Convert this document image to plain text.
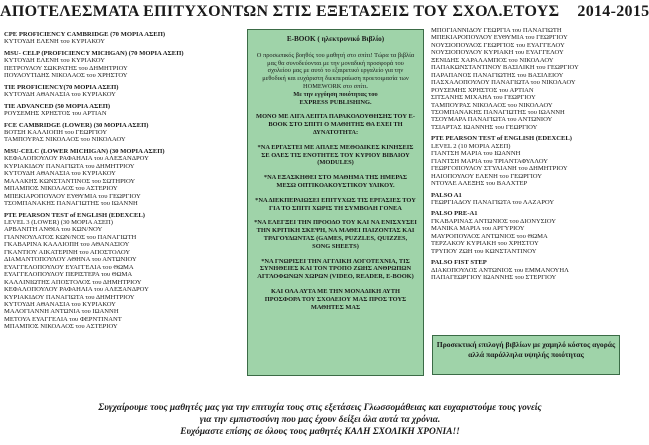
ΑΠΟΤΕΛΕΣΜΑΤΑ ΕΠΙΤΥΧΟΝΤΩΝ ΣΤΙΣ ΕΞΕΤΑΣΕΙΣ ΤΟΥ ΣΧΟΛ.ΕΤΟΥΣ 2014-2015
CPE PROFICIENCY CAMBRIDGE (70 ΜΟΡΙΑ ΑΣΕΠ)
ΚΥΤΟΥΔΗ ΕΛΕΝΗ του ΚΥΡΙΑΚΟΥ
MSU- CELP (PROFICIENCY MICHGAN) (70 ΜΟΡΙΑ ΑΣΕΠ)
ΚΥΤΟΥΔΗ ΕΛΕΝΗ του ΚΥΡΙΑΚΟΥ
ΠΕΤΡΟΥΛΟΥ ΣΩΚΡΑΤΗΣ του ΔΗΜΗΤΡΙΟΥ
ΠΟΥΛΟΥΤΙΔΗΣ ΝΙΚΟΛΑΟΣ του ΧΡΗΣΤΟΥ
TIE PROFICIENCY(70 ΜΟΡΙΑ ΑΣΕΠ)
ΚΥΤΟΥΔΗ ΑΘΑΝΑΣΙΑ του ΚΥΡΙΑΚΟΥ
TIE ADVANCED (50 ΜΟΡΙΑ ΑΣΕΠ)
ΡΟΥΣΕΜΗΣ ΧΡΗΣΤΟΣ του ΑΡΤΙΑΝ
FCE CAMBRIDGE (LOWER) (30 ΜΟΡΙΑ ΑΣΕΠ)
ΒΟΤΣΗ ΚΑΛΛΙΟΠΗ του ΓΕΩΡΓΙΟΥ
ΤΑΜΠΟΥΡΑΣ ΝΙΚΟΛΑΟΣ του ΝΙΚΟΛΑΟΥ
MSU-CELC (LOWER MICHIGAN) (30 ΜΟΡΙΑ ΑΣΕΠ)
ΚΕΦΑΛΟΠΟΥΛΟΥ ΡΑΦΑΗΛΙΑ του ΑΛΕΞΑΝΔΡΟΥ
ΚΥΡΙΑΚΙΔΟΥ ΠΑΝΑΓΙΩΤΑ του ΔΗΜΗΤΡΙΟΥ
ΚΥΤΟΥΔΗ ΑΘΑΝΑΣΙΑ του ΚΥΡΙΑΚΟΥ
ΜΑΛΑΚΗΣ ΚΩΝΣΤΑΝΤΙΝΟΣ του ΣΩΤΗΡΙΟΥ
ΜΠΑΜΠΟΣ ΝΙΚΟΛΑΟΣ του ΑΣΤΕΡΙΟΥ
ΜΠΕΚΙΑΡΟΠΟΥΛΟΥ ΕΥΘΥΜΙΑ του ΓΕΩΡΓΙΟΥ
ΤΣΟΜΠΑΝΑΚΗΣ ΠΑΝΑΓΙΩΤΗΣ του ΙΩΑΝΝΗ
PTE PEARSON TEST of ENGLISH (EDEXCEL)
LEVEL 3 (LOWER) (30 ΜΟΡΙΑ ΑΣΕΠ)
ΑΡΒΑΝΙΤΗ ΑΝΘΙΑ του ΚΩΝ/ΝΟΥ
ΓΙΑΝΝΟΥΛΑΤΟΣ ΚΩΝ/ΝΟΣ του ΠΑΝΑΓΙΩΤΗ
ΓΚΑΒΑΡΙΝΑ ΚΑΛΛΙΟΠΗ του ΑΘΑΝΑΣΙΟΥ
ΓΚΑΝΤΙΟΥ ΑΙΚΑΤΕΡΙΝΗ του ΑΠΟΣΤΟΛΟΥ
ΔΙΑΜΑΝΤΟΠΟΥΛΟΥ ΑΘΗΝΑ του ΑΝΤΩΝΙΟΥ
ΕΥΑΓΓΕΛΟΠΟΥΛΟΥ ΕΥΑΓΓΕΛΙΑ του ΘΩΜΑ
ΕΥΑΓΓΕΛΟΠΟΥΛΟΥ ΠΕΡΙΣΤΕΡΑ του ΘΩΜΑ
ΚΑΛΛΙΝΙΩΤΗΣ ΑΠΟΣΤΟΛΟΣ του ΔΗΜΗΤΡΙΟΥ
ΚΕΦΑΛΟΠΟΥΛΟΥ ΡΑΦΑΗΛΙΑ του ΑΛΕΞΑΝΔΡΟΥ
ΚΥΡΙΑΚΙΔΟΥ ΠΑΝΑΓΙΩΤΑ του ΔΗΜΗΤΡΙΟΥ
ΚΥΤΟΥΔΗ ΑΘΑΝΑΣΙΑ του ΚΥΡΙΑΚΟΥ
ΜΑΛΟΓΙΑΝΝΗ ΑΝΤΩΝΙΑ του ΙΩΑΝΝΗ
ΜΕΤΟΥΑ ΕΥΑΓΓΕΛΙΑ του ΦΕΡΝΤΙΝΑΝΤ
ΜΠΑΜΠΟΣ ΝΙΚΟΛΑΟΣ του ΑΣΤΕΡΙΟΥ
E-BOOK ( ηλεκτρονικό Βιβλίο)
Ο προσωπικός βοηθός του μαθητή στο σπίτι! Τώρα τα βιβλία μας θα συνοδεύονται με την μοναδική προσφορά του σχολείου μας με αυτό το εξαιρετικό εργαλείο για την μεθοδική και ευχάριστη διεκπεραίωση προετοιμασία των HOMEWORK στο σπίτι.
Με την εγγύηση ποιότητας του
EXPRESS PUBLISHING.

ΜΟΝΟ ΜΕ ΛΙΓΑ ΛΕΠΤΑ ΠΑΡΑΚΟΛΟΥΘΗΣΗΣ ΤΟΥ E-BOOK ΣΤΟ ΣΠΙΤΙ Ο ΜΑΘΗΤΗΣ ΘΑ ΕΧΕΙ ΤΗ ΔΥΝΑΤΟΤΗΤΑ:

*ΝΑ ΕΡΓΑΣΤΕΙ ΜΕ ΑΠΛΕΣ ΜΕΘΟΔΙΚΕΣ ΚΙΝΗΣΕΙΣ ΣΕ ΟΛΕΣ ΤΙΣ ΕΝΟΤΗΤΕΣ ΤΟΥ ΚΥΡΙΟΥ ΒΙΒΛΙΟΥ (MODULES)

*ΝΑ ΕΞΑΣΚΗΘΕΙ ΣΤΟ ΜΑΘΗΜΑ ΤΗΣ ΗΜΕΡΑΣ ΜΕΣΩ ΟΠΤΙΚΟΑΚΟΥΣΤΙΚΟΥ ΥΛΙΚΟΥ.

*ΝΑ ΔΙΕΚΠΕΡΑΙΩΣΕΙ ΕΠΙΤΥΧΩΣ ΤΙΣ ΕΡΓΑΣΙΕΣ ΤΟΥ ΓΙΑ ΤΟ ΣΠΙΤΙ ΧΩΡΙΣ ΤΗ ΣΥΜΒΟΛΗ ΓΟΝΕΑ

*ΝΑ ΕΛΕΓΞΕΙ ΤΗΝ ΠΡΟΟΔΟ ΤΟΥ ΚΑΙ ΝΑ ΕΝΙΣΧΥΣΕΙ ΤΗΝ ΚΡΙΤΙΚΗ ΣΚΕΨΗ, ΝΑ ΜΑΘΕΙ ΠΑΙΖΟΝΤΑΣ ΚΑΙ ΤΡΑΓΟΥΔΩΝΤΑΣ (GAMES, PUZZLES, QUIZZES, SONG SHEETS)

*ΝΑ ΓΝΩΡΙΣΕΙ ΤΗΝ ΑΓΓΛΙΚΗ ΛΟΓΟΤΕΧΝΙΑ, ΤΙΣ ΣΥΝΗΘΕΙΕΣ ΚΑΙ ΤΟΝ ΤΡΟΠΟ ΖΩΗΣ ΑΝΘΡΩΠΩΝ ΑΓΓΛΟΦΩΝΩΝ ΧΩΡΩΝ (VIDEO, READER, E-BOOK)

ΚΑΙ ΟΛΑ ΑΥΤΑ ΜΕ ΤΗΝ ΜΟΝΑΔΙΚΗ ΑΥΤΗ ΠΡΟΣΦΟΡΑ ΤΟΥ ΣΧΟΛΕΙΟΥ ΜΑΣ ΠΡΟΣ ΤΟΥΣ ΜΑΘΗΤΕΣ ΜΑΣ

ΜΠΟΓΙΑΝΝΙΔΟΥ ΓΕΩΡΓΙΑ του ΠΑΝΑΓΙΩΤΗ
ΜΠΕΚΙΑΡΟΠΟΥΛΟΥ ΕΥΘΥΜΙΑ του ΓΕΩΡΓΙΟΥ
ΝΟΥΣΙΟΠΟΥΛΟΣ ΓΕΩΡΓΙΟΣ του ΕΥΑΓΓΕΛΟΥ
ΝΟΥΣΙΟΠΟΥΛΟΥ ΚΥΡΙΑΚΗ του ΕΥΑΓΓΕΛΟΥ
ΞΕΝΙΔΗΣ ΧΑΡΑΛΑΜΠΟΣ του ΝΙΚΟΛΑΟΥ
ΠΑΠΑΚΩΝΣΤΑΝΤΙΝΟΥ ΒΑΣΙΛΙΚΗ του ΓΕΩΡΓΙΟΥ
ΠΑΡΑΠΑΝΟΣ ΠΑΝΑΓΙΩΤΗΣ του ΒΑΣΙΛΕΙΟΥ
ΠΑΣΧΑΛΟΠΟΥΛΟΥ ΠΑΝΑΓΙΩΤΑ του ΝΙΚΟΛΑΟΥ
ΡΟΥΣΕΜΗΣ ΧΡΗΣΤΟΣ του ΑΡΤΙΑΝ
ΣΙΤΣΑΝΗΣ ΜΙΧΑΗΛ του ΓΕΩΡΓΙΟΥ
ΤΑΜΠΟΥΡΑΣ ΝΙΚΟΛΑΟΣ του ΝΙΚΟΛΑΟΥ
ΤΣΟΜΠΑΝΑΚΗΣ ΠΑΝΑΓΙΩΤΗΣ του ΙΩΑΝΝΗ
ΤΣΟΥΜΑΡΑ ΠΑΝΑΓΙΩΤΑ του ΑΝΤΩΝΙΟΥ
ΤΣΙΑΡΤΑΣ ΙΩΑΝΝΗΣ του ΓΕΩΡΓΙΟΥ
PTE PEARSON TEST of ENGLISH (EDEXCEL)
LEVEL 2 (10 ΜΟΡΙΑ ΑΣΕΠ)
ΓΙΑΝΤΣΗ ΜΑΡΙΑ του ΙΩΑΝΝΗ
ΓΙΑΝΤΣΗ ΜΑΡΙΑ του ΤΡΙΑΝΤΑΦΥΛΛΟΥ
ΓΕΩΡΓΟΠΟΥΛΟΥ ΣΤΥΛΙΑΝΗ του ΔΗΜΗΤΡΙΟΥ
ΗΛΙΟΠΟΥΛΟΥ ΕΛΕΝΗ του ΓΕΩΡΓΙΟΥ
ΝΤΟΥΛΕ ΑΛΕΞΗΣ του ΒΑΛΧΤΕΡ
PALSO A1
ΓΕΩΡΓΙΑΔΟΥ ΠΑΝΑΓΙΩΤΑ του ΛΑΖΑΡΟΥ
PALSO PRE-A1
ΓΚΑΒΑΡΙΝΑΣ ΑΝΤΩΝΙΟΣ του ΔΙΟΝΥΣΙΟΥ
ΜΑΝΙΚΑ ΜΑΡΙΑ του ΑΡΓΥΡΙΟΥ
ΜΑΥΡΟΠΟΥΛΟΣ ΑΝΤΩΝΙΟΣ του ΘΩΜΑ
ΤΕΡΖΑΚΟΥ ΚΥΡΙΑΚΗ του ΧΡΗΣΤΟΥ
ΤΡΥΠΟΥ ΖΩΗ του ΚΩΝΣΤΑΝΤΙΝΟΥ
PALSO FIST STEP
ΔΙΑΚΟΠΟΥΛΟΣ ΑΝΤΩΝΙΟΣ του ΕΜΜΑΝΟΥΗΛ
ΠΑΠΑΓΕΩΡΓΙΟΥ ΙΩΑΝΝΗΣ του ΣΤΕΡΓΙΟΥ
Προσεκτική επιλογή βιβλίων με χαμηλό κόστος αγοράς αλλά παράλληλα υψηλής ποιότητας
Συγχαίρουμε τους μαθητές μας για την επιτυχία τους στις εξετάσεις Γλωσσομάθειας και ευχαριστούμε τους γονείς
για την εμπιστοσύνη που μας έχουν δείξει όλα αυτά τα χρόνια.
Ευχόμαστε επίσης σε όλους τους μαθητές ΚΑΛΗ ΣΧΟΛΙΚΗ ΧΡΟΝΙΑ!!
